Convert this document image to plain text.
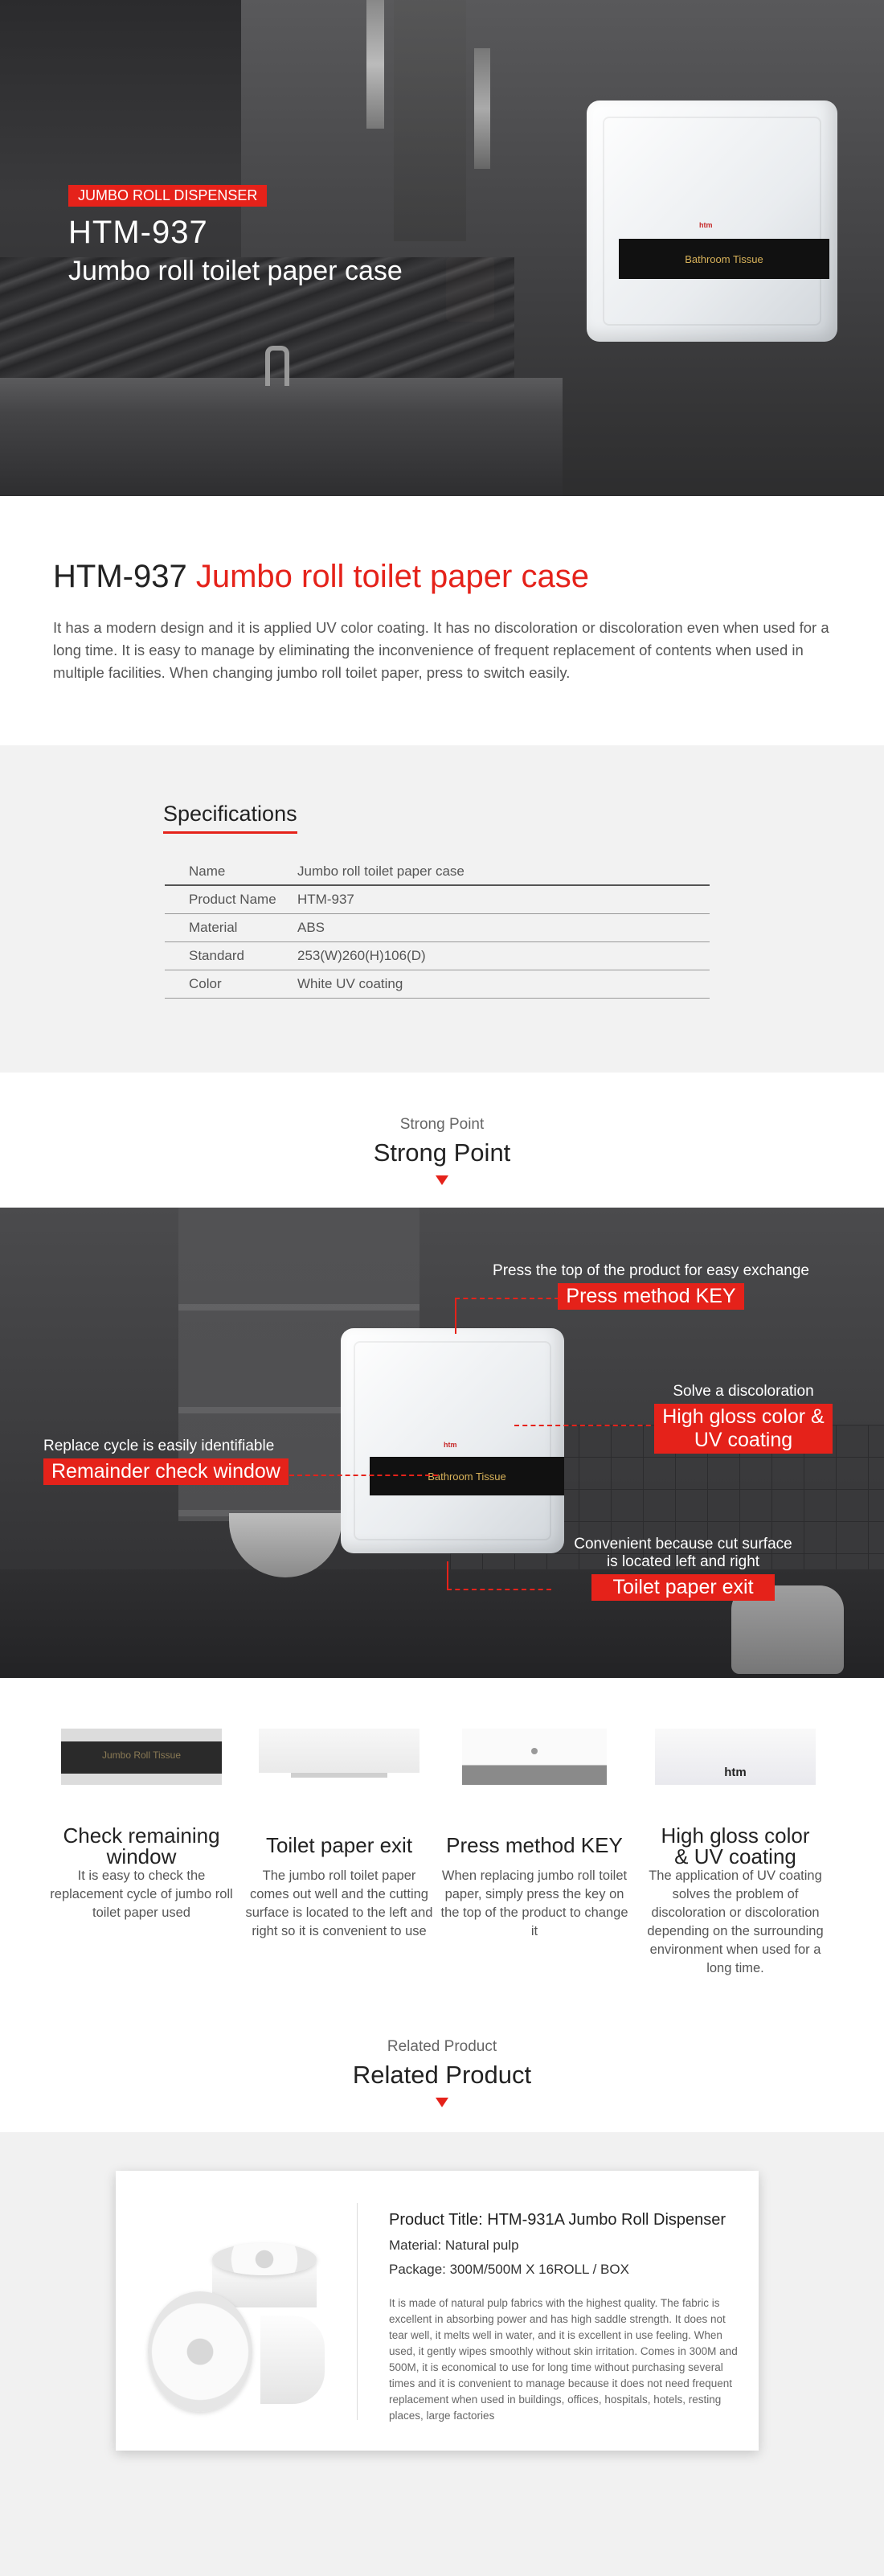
JUMBO ROLL DISPENSER
HTM-937
Jumbo roll toilet paper case
htm
Bathroom Tissue
HTM-937 Jumbo roll toilet paper case

It has a modern design and it is applied UV color coating. It has no discoloration or discoloration even when used for a long time. It is easy to manage by eliminating the inconvenience of frequent replacement of contents when used in multiple facilities. When changing jumbo roll toilet paper, press to switch easily.

Specifications
Name	Jumbo roll toilet paper case
Product Name	HTM-937
Material	ABS
Standard	253(W)260(H)106(D)
Color	White UV coating
Strong Point
Strong Point
htm
Bathroom Tissue
Press the top of the product for easy exchange
Press method KEY
Solve a discoloration
High gloss color &
UV coating
Replace cycle is easily identifiable
Remainder check window
Convenient because cut surface
is located left and right
Toilet paper exit
Jumbo Roll Tissue
Check remaining
window

It is easy to check the replacement cycle of jumbo roll toilet paper used

Toilet paper exit

The jumbo roll toilet paper comes out well and the cutting surface is located to the left and right so it is convenient to use

Press method KEY

When replacing jumbo roll toilet paper, simply press the key on the top of the product to change it

htm
High gloss color
& UV coating

The application of UV coating solves the problem of discoloration or discoloration depending on the surrounding environment when used for a long time.

Related Product
Related Product
Product Title: HTM-931A Jumbo Roll Dispenser
Material: Natural pulp
Package: 300M/500M X 16ROLL / BOX
It is made of natural pulp fabrics with the highest quality. The fabric is excellent in absorbing power and has high saddle strength. It does not tear well, it melts well in water, and it is excellent in use feeling. When used, it gently wipes smoothly without skin irritation. Comes in 300M and 500M, it is economical to use for long time without purchasing several times and it is convenient to manage because it does not need frequent replacement when used in buildings, offices, hospitals, hotels, resting places, large factories
